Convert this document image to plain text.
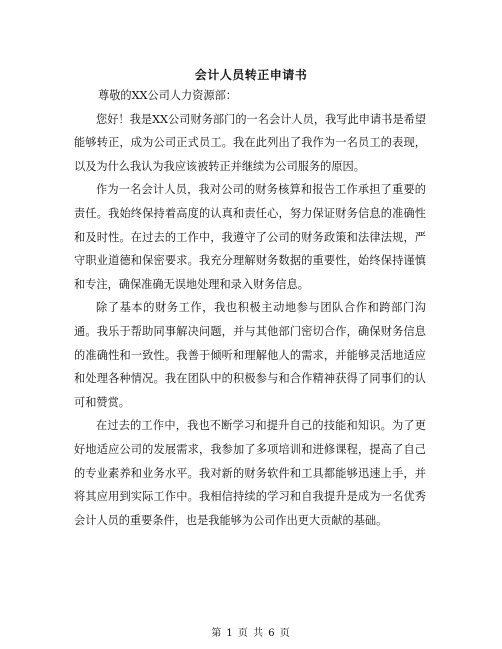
会计人员转正申请书

尊敬的XX公司人力资源部：

您好！我是XX公司财务部门的一名会计人员，我写此申请书是希望能够转正，成为公司正式员工。我在此列出了我作为一名员工的表现，以及为什么我认为我应该被转正并继续为公司服务的原因。

作为一名会计人员，我对公司的财务核算和报告工作承担了重要的责任。我始终保持着高度的认真和责任心，努力保证财务信息的准确性和及时性。在过去的工作中，我遵守了公司的财务政策和法律法规，严守职业道德和保密要求。我充分理解财务数据的重要性，始终保持谨慎和专注，确保准确无误地处理和录入财务信息。

除了基本的财务工作，我也积极主动地参与团队合作和跨部门沟通。我乐于帮助同事解决问题，并与其他部门密切合作，确保财务信息的准确性和一致性。我善于倾听和理解他人的需求，并能够灵活地适应和处理各种情况。我在团队中的积极参与和合作精神获得了同事们的认可和赞赏。

在过去的工作中，我也不断学习和提升自己的技能和知识。为了更好地适应公司的发展需求，我参加了多项培训和进修课程，提高了自己的专业素养和业务水平。我对新的财务软件和工具都能够迅速上手，并将其应用到实际工作中。我相信持续的学习和自我提升是成为一名优秀会计人员的重要条件，也是我能够为公司作出更大贡献的基础。

第 1 页 共 6 页
